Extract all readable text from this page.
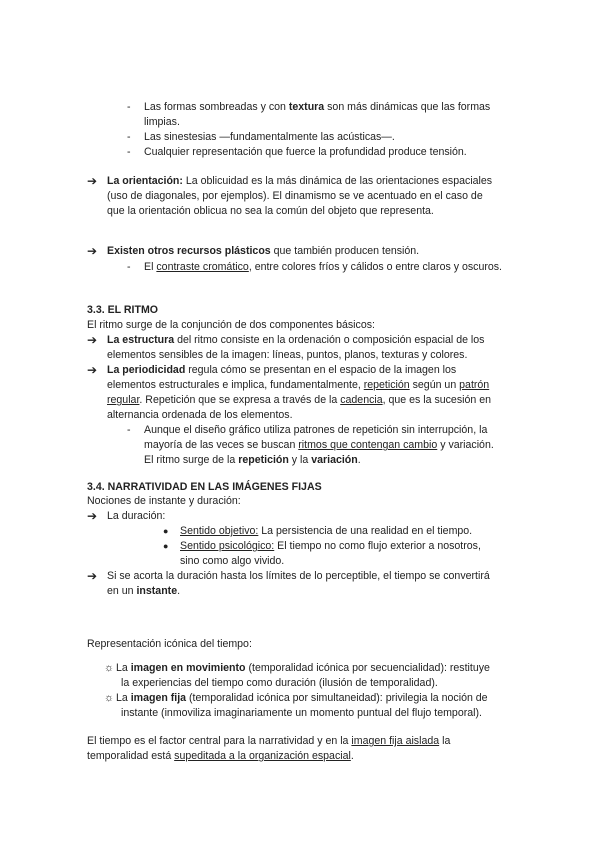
-	Las formas sombreadas y con textura son más dinámicas que las formas
limpias.
-	Las sinestesias —fundamentalmente las acústicas—.
-	Cualquier representación que fuerce la profundidad produce tensión.
➔ La orientación: La oblicuidad es la más dinámica de las orientaciones espaciales
(uso de diagonales, por ejemplos). El dinamismo se ve acentuado en el caso de
que la orientación oblicua no sea la común del objeto que representa.
➔ Existen otros recursos plásticos que también producen tensión.
-	El contraste cromático, entre colores fríos y cálidos o entre claros y oscuros.
3.3. EL RITMO
El ritmo surge de la conjunción de dos componentes básicos:
➔ La estructura del ritmo consiste en la ordenación o composición espacial de los
elementos sensibles de la imagen: líneas, puntos, planos, texturas y colores.
➔ La periodicidad regula cómo se presentan en el espacio de la imagen los
elementos estructurales e implica, fundamentalmente, repetición según un patrón
regular. Repetición que se expresa a través de la cadencia, que es la sucesión en
alternancia ordenada de los elementos.
-	Aunque el diseño gráfico utiliza patrones de repetición sin interrupción, la
mayoría de las veces se buscan ritmos que contengan cambio y variación.
El ritmo surge de la repetición y la variación.
3.4. NARRATIVIDAD EN LAS IMÁGENES FIJAS
Nociones de instante y duración:
➔ La duración:
● Sentido objetivo: La persistencia de una realidad en el tiempo.
● Sentido psicológico: El tiempo no como flujo exterior a nosotros,
sino como algo vivido.
➔ Si se acorta la duración hasta los límites de lo perceptible, el tiempo se convertirá
en un instante.
Representación icónica del tiempo:
☼ La imagen en movimiento (temporalidad icónica por secuencialidad): restituye
la experiencias del tiempo como duración (ilusión de temporalidad).
☼ La imagen fija (temporalidad icónica por simultaneidad): privilegia la noción de
instante (inmoviliza imaginariamente un momento puntual del flujo temporal).
El tiempo es el factor central para la narratividad y en la imagen fija aislada la
temporalidad está supeditada a la organización espacial.
